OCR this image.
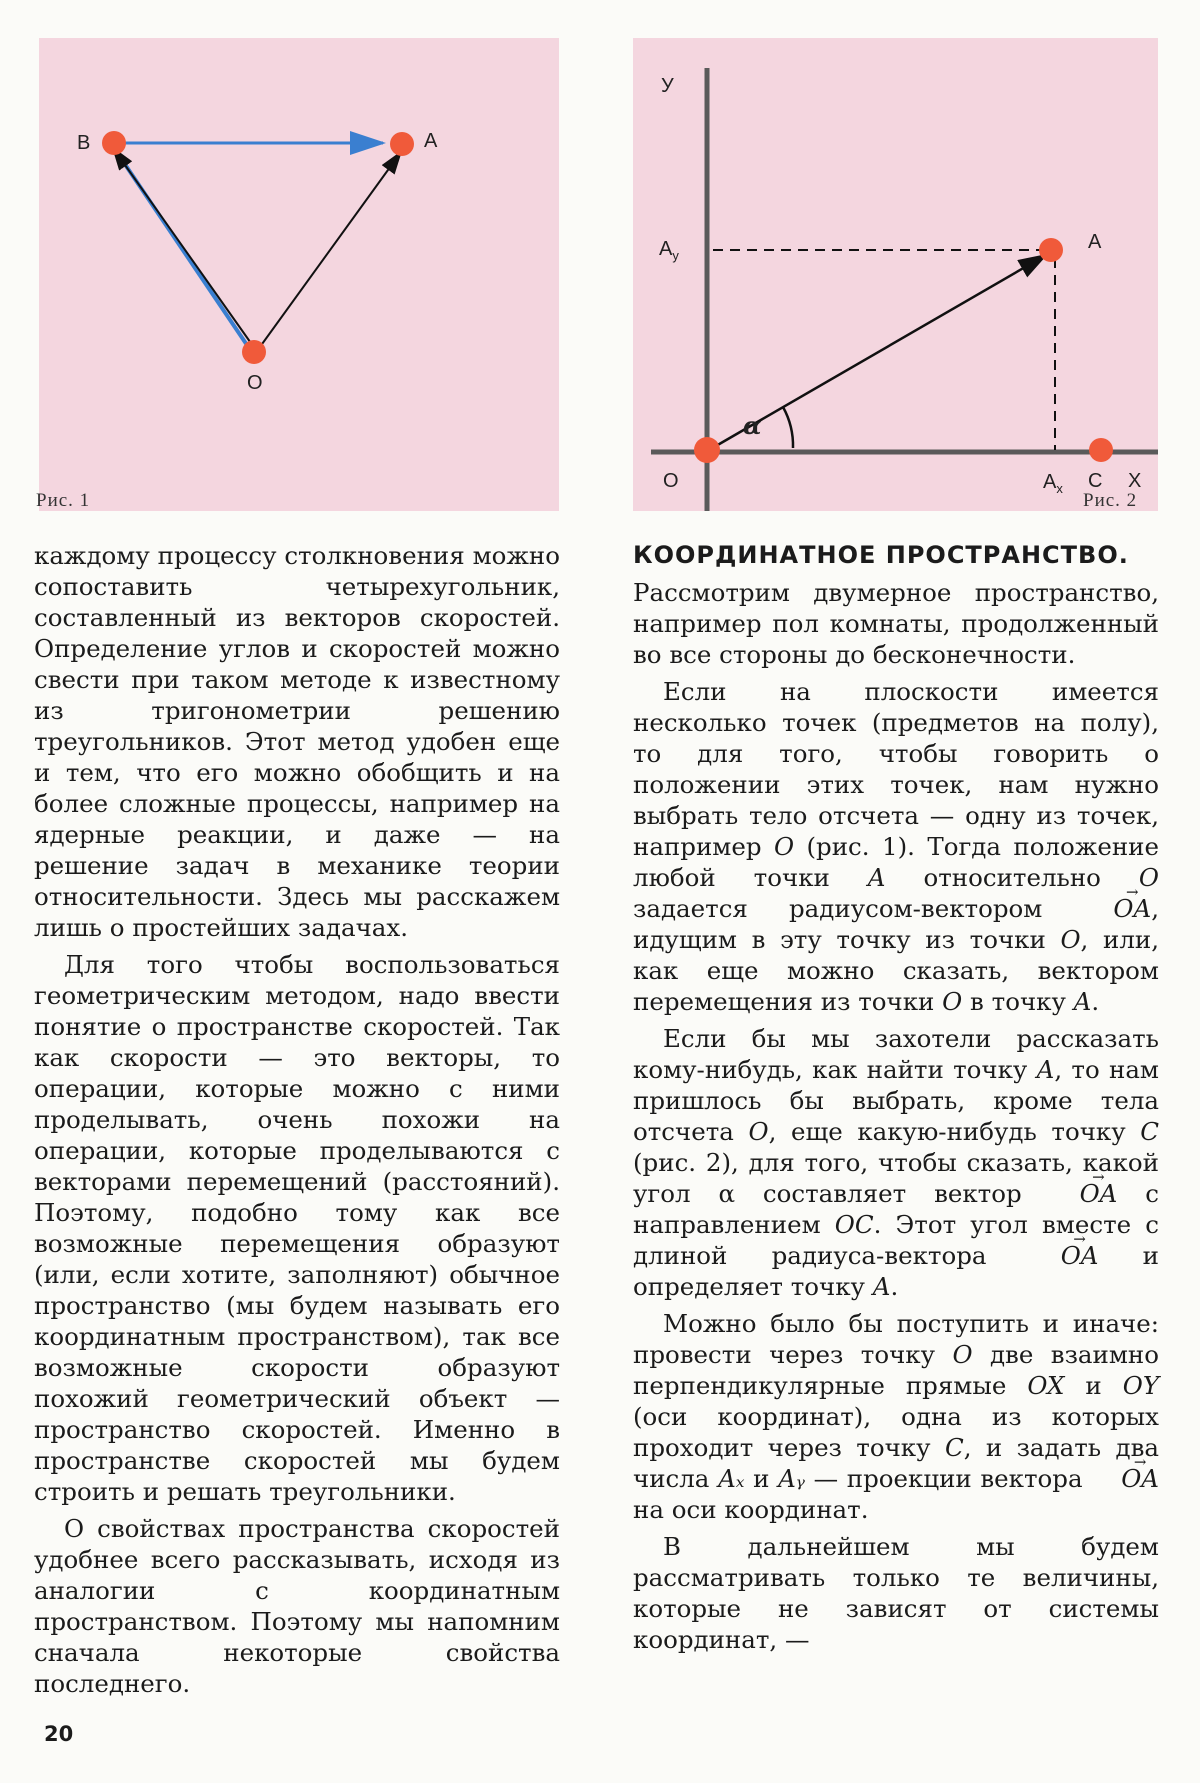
B	A
O
Рис. 1
У
$A_y$
A
α
O	$A_x$ C X
Рис. 2

каждому процессу столкновения можно сопоставить четырехугольник, составленный из векторов скоростей. Определение углов и скоростей можно свести при таком методе к известному из тригонометрии решению треугольников. Этот метод удобен еще и тем, что его можно обобщить и на более сложные процессы, например на ядерные реакции, и даже — на решение задач в механике теории относительности. Здесь мы расскажем лишь о простейших задачах.

Для того чтобы воспользоваться геометрическим методом, надо ввести понятие о пространстве скоростей. Так как скорости — это векторы, то операции, которые можно с ними проделывать, очень похожи на операции, которые проделываются с векторами перемещений (расстояний). Поэтому, подобно тому как все возможные перемещения образуют (или, если хотите, заполняют) обычное пространство (мы будем называть его координатным пространством), так все возможные скорости образуют похожий геометрический объект — пространство скоростей. Именно в пространстве скоростей мы будем строить и решать треугольники.

О свойствах пространства скоростей удобнее всего рассказывать, исходя из аналогии с координатным пространством. Поэтому мы напомним сначала некоторые свойства последнего.

КООРДИНАТНОЕ ПРОСТРАНСТВО.

Рассмотрим двумерное пространство, например пол комнаты, продолженный во все стороны до бесконечности.

Если на плоскости имеется несколько точек (предметов на полу), то для того, чтобы говорить о положении этих точек, нам нужно выбрать тело отсчета — одну из точек, например O (рис. 1). Тогда положение любой точки A относительно O задается радиусом-вектором → OA, идущим в эту точку из точки O, или, как еще можно сказать, вектором перемещения из точки O в точку A.

Если бы мы захотели рассказать кому-нибудь, как найти точку A, то нам пришлось бы выбрать, кроме тела отсчета O, еще какую-нибудь точку C (рис. 2), для того, чтобы сказать, какой угол α составляет вектор → OA с направлением OC. Этот угол вместе с длиной радиуса-вектора → OA и определяет точку A.

Можно было бы поступить и иначе: провести через точку O две взаимно перпендикулярные прямые OX и OY (оси координат), одна из которых проходит через точку C, и задать два числа Aₓ и Aᵧ — проекции вектора → OA на оси координат.

В дальнейшем мы будем рассматривать только те величины, которые не зависят от системы координат, —

20
